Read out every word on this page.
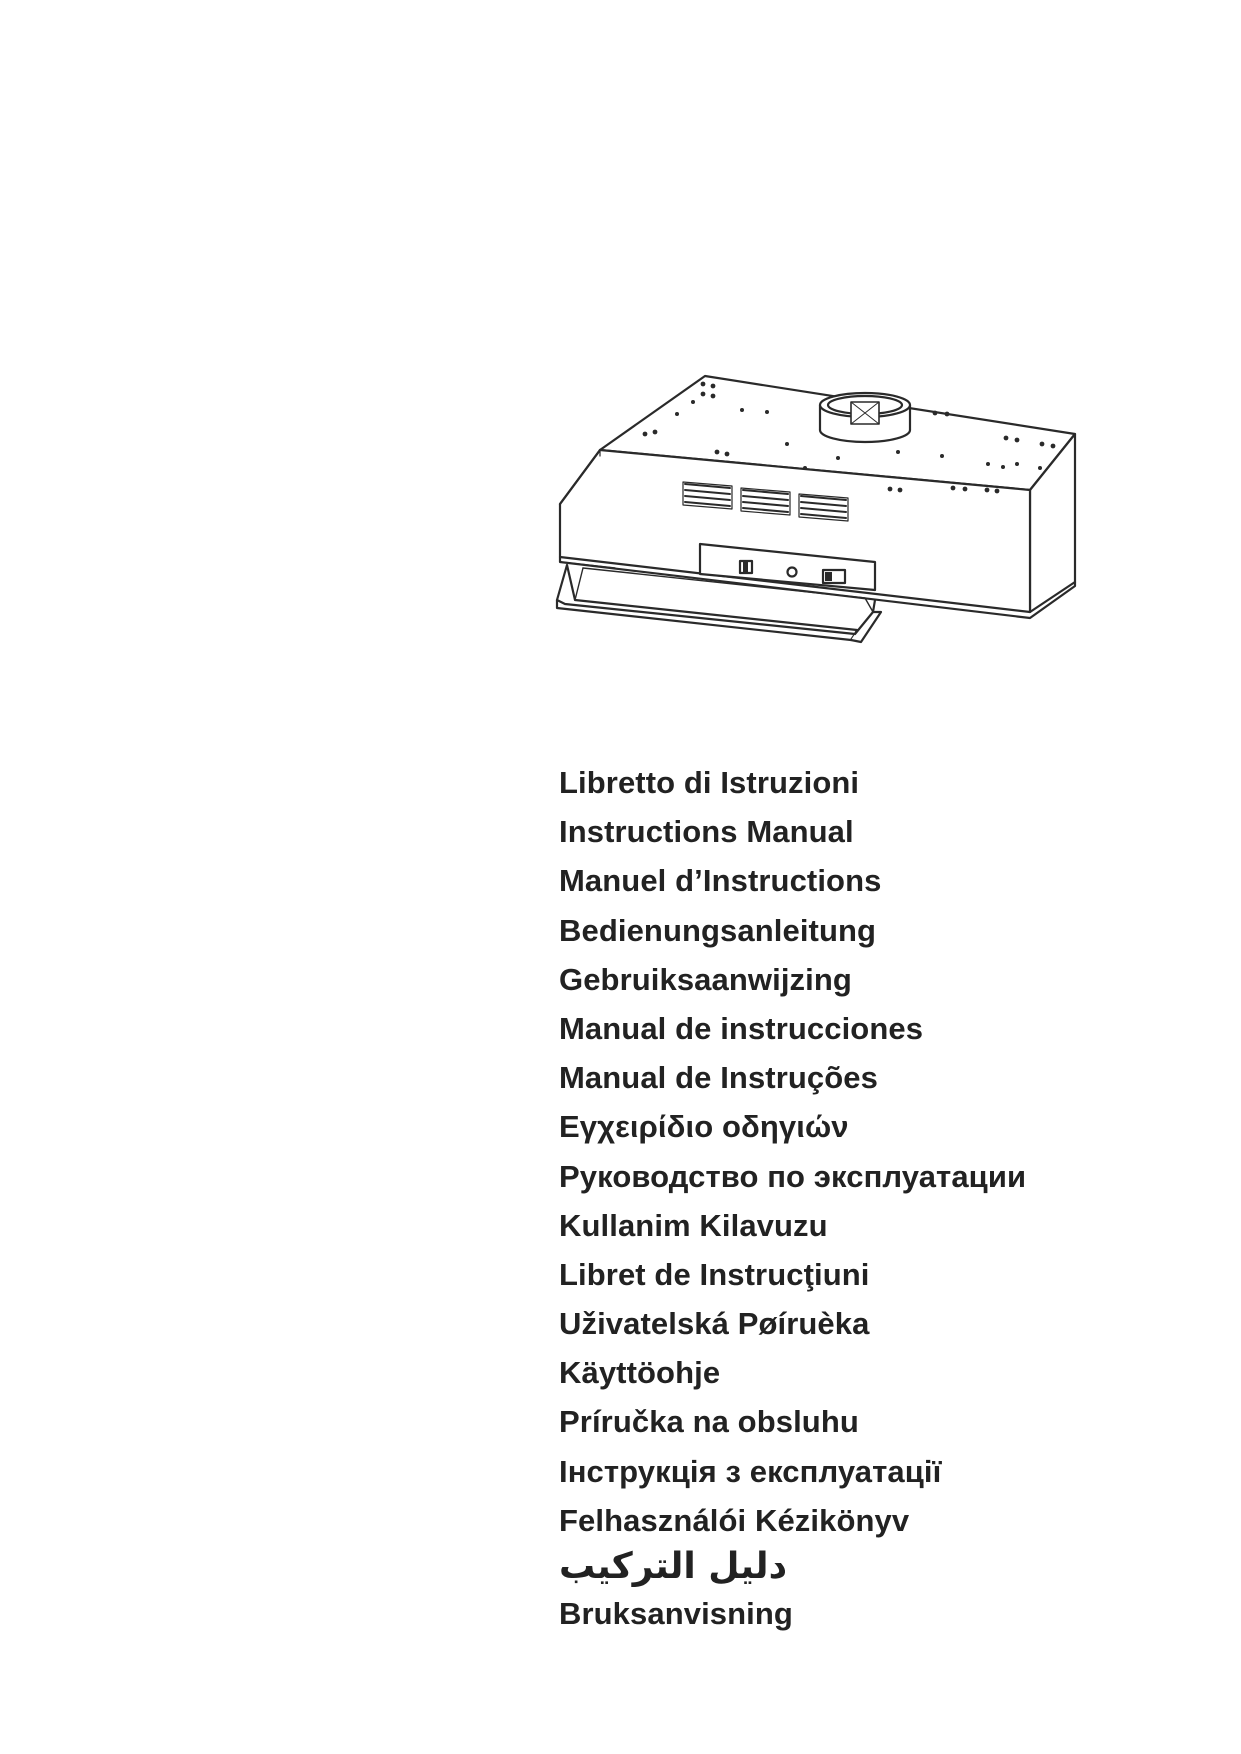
Libretto di Istruzioni
Instructions Manual
Manuel d’Instructions
Bedienungsanleitung
Gebruiksaanwijzing
Manual de instrucciones
Manual de Instruções
Εγχειρίδιο οδηγιών
Руководство по эксплуатации
Kullanim Kilavuzu
Libret de Instrucţiuni
Uživatelská Pøíruèka
Käyttöohje
Príručka na obsluhu
Інструкція з експлуатації
Felhasználói Kézikönyv
دليل التركيب
Bruksanvisning
